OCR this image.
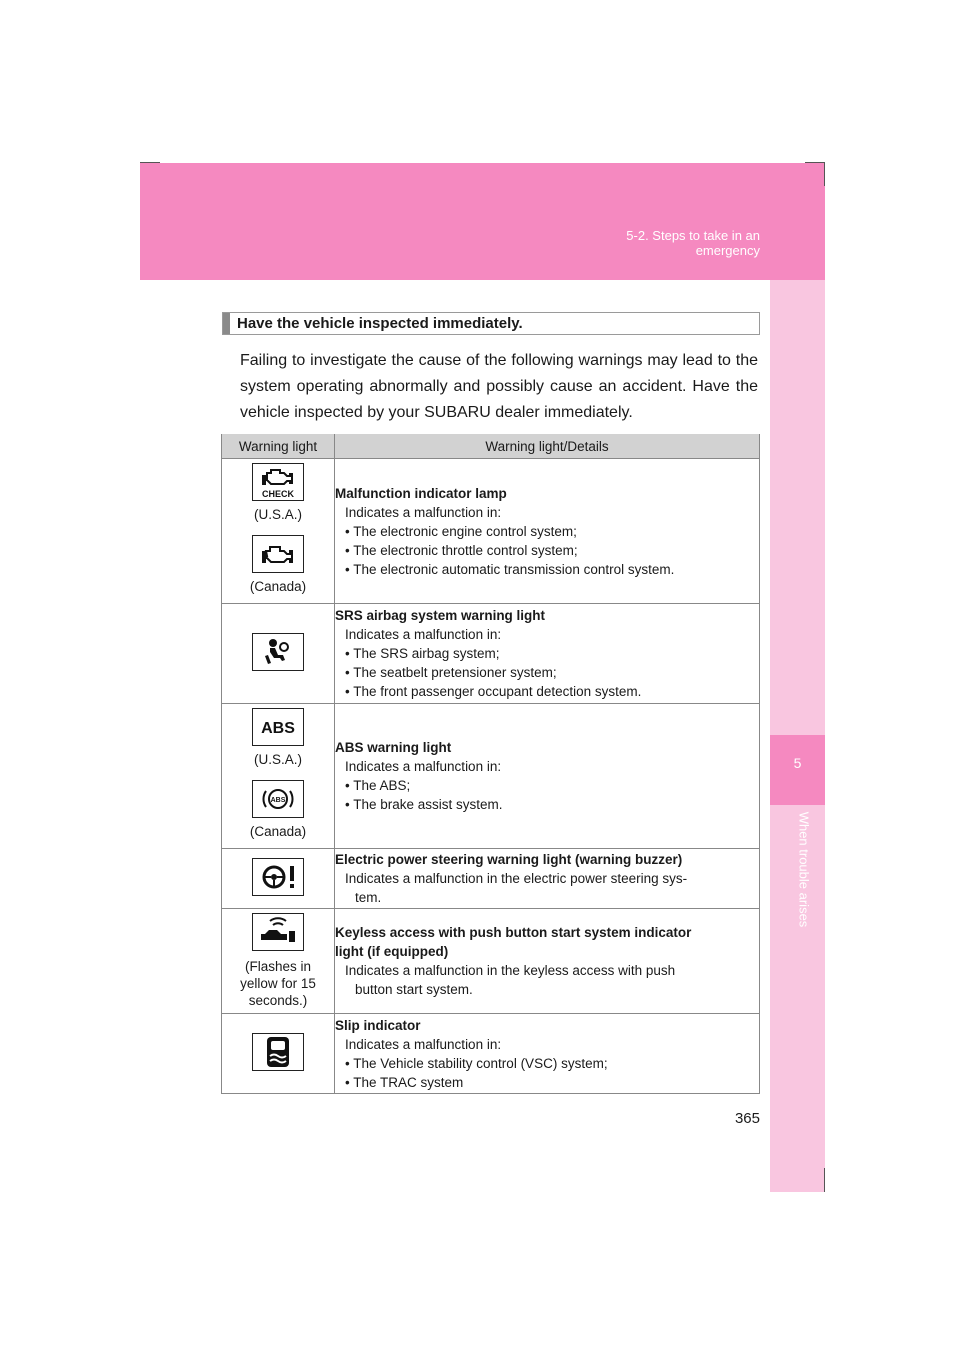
5-2. Steps to take in an emergency
5
When trouble arises
Have the vehicle inspected immediately.
Failing to investigate the cause of the following warnings may lead to the system operating abnormally and possibly cause an accident. Have the vehicle inspected by your SUBARU dealer immediately.
Warning light	Warning light/Details

CHECK
(U.S.A.)
(Canada)	Malfunction indicator lamp
Indicates a malfunction in:
• The electronic engine control system;
• The electronic throttle control system;
• The electronic automatic transmission control system.

SRS airbag system warning light
Indicates a malfunction in:
• The SRS airbag system;
• The seatbelt pretensioner system;
• The front passenger occupant detection system.

ABS
(U.S.A.)
ABS
(Canada)	ABS warning light
Indicates a malfunction in:
• The ABS;
• The brake assist system.

Electric power steering warning light (warning buzzer)
Indicates a malfunction in the electric power steering sys-
tem.

(Flashes in
yellow for 15
seconds.)	Keyless access with push button start system indicator
light (if equipped)
Indicates a malfunction in the keyless access with push
button start system.

Slip indicator
Indicates a malfunction in:
• The Vehicle stability control (VSC) system;
• The TRAC system
365
